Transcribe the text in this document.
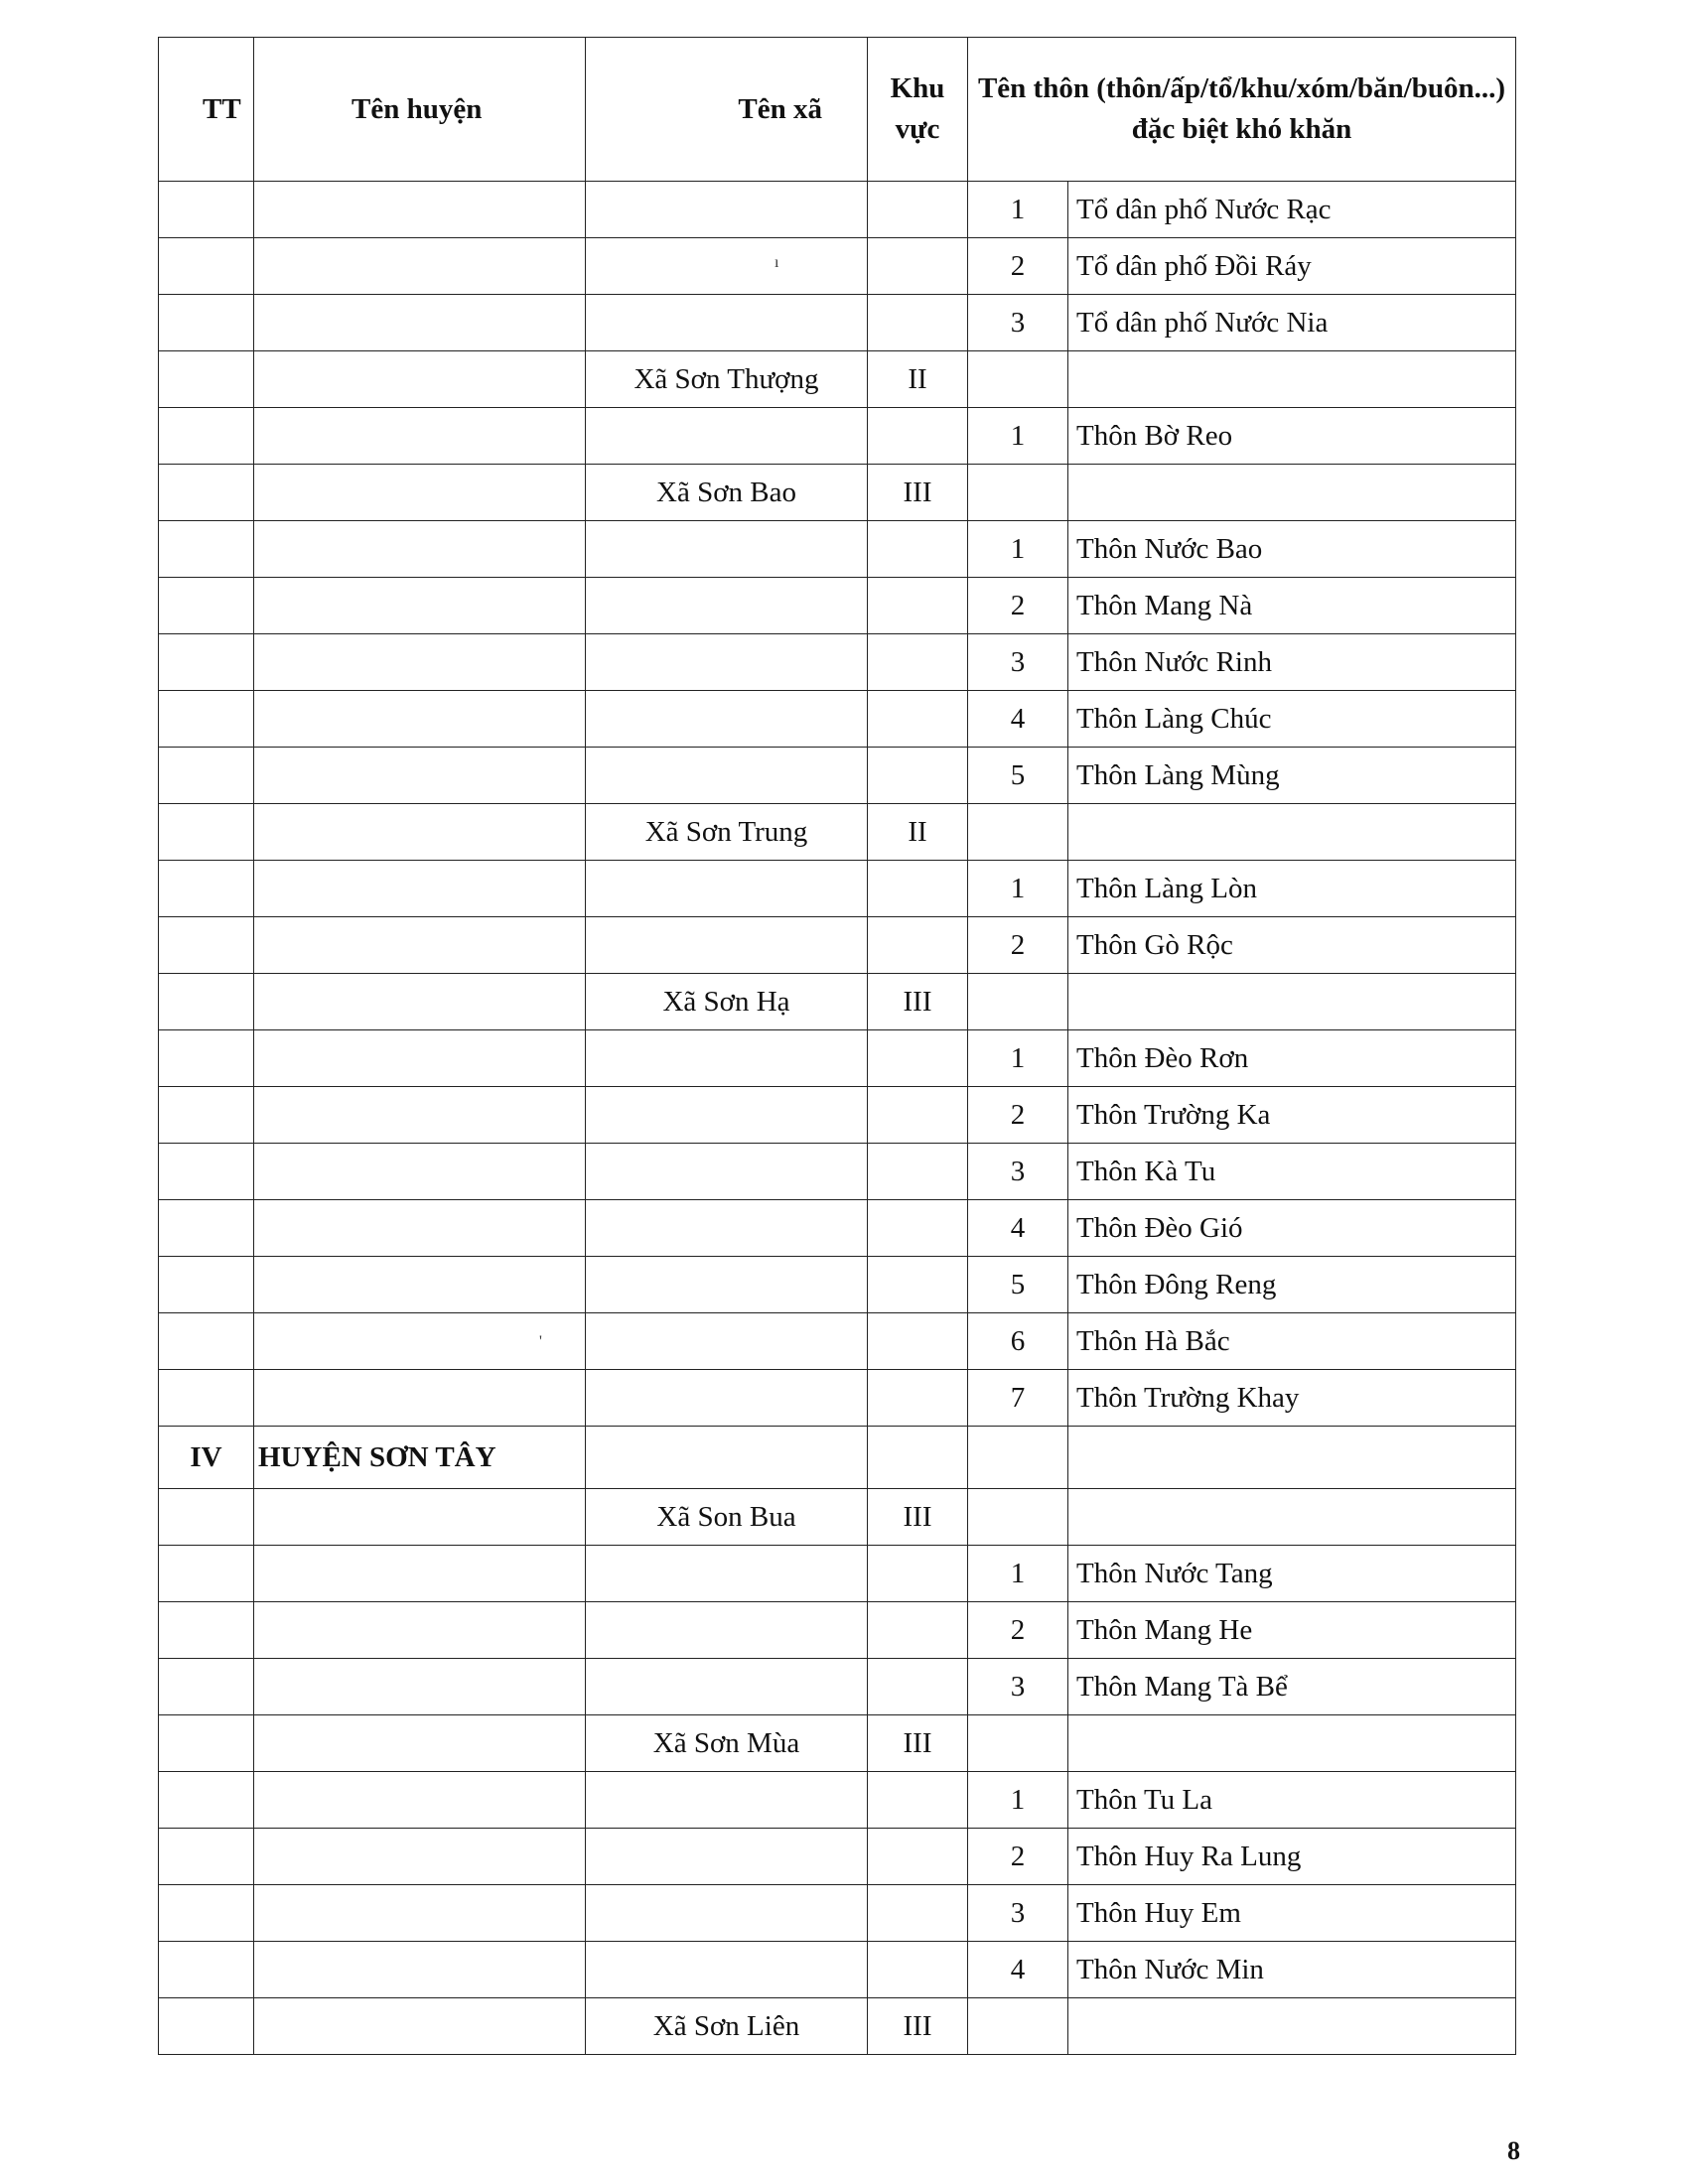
TT	Tên huyện	Tên xã	Khu vực	Tên thôn (thôn/ấp/tổ/khu/xóm/băn/buôn...) đặc biệt khó khăn	
				1	Tổ dân phố Nước Rạc
				2	Tổ dân phố Đồi Ráy
				3	Tổ dân phố Nước Nia
		Xã Sơn Thượng	II		
				1	Thôn Bờ Reo
		Xã Sơn Bao	III		
				1	Thôn Nước Bao
				2	Thôn Mang Nà
				3	Thôn Nước Rinh
				4	Thôn Làng Chúc
				5	Thôn Làng Mùng
		Xã Sơn Trung	II		
				1	Thôn Làng Lòn
				2	Thôn Gò Rộc
		Xã Sơn Hạ	III		
				1	Thôn Đèo Rơn
				2	Thôn Trường Ka
				3	Thôn Kà Tu
				4	Thôn Đèo Gió
				5	Thôn Đông Reng
				6	Thôn Hà Bắc
				7	Thôn Trường Khay
IV	HUYỆN SƠN TÂY				
		Xã Son Bua	III		
				1	Thôn Nước Tang
				2	Thôn Mang He
				3	Thôn Mang Tà Bể
		Xã Sơn Mùa	III		
				1	Thôn Tu La
				2	Thôn Huy Ra Lung
				3	Thôn Huy Em
				4	Thôn Nước Min
		Xã Sơn Liên	III		
ı
'
8
